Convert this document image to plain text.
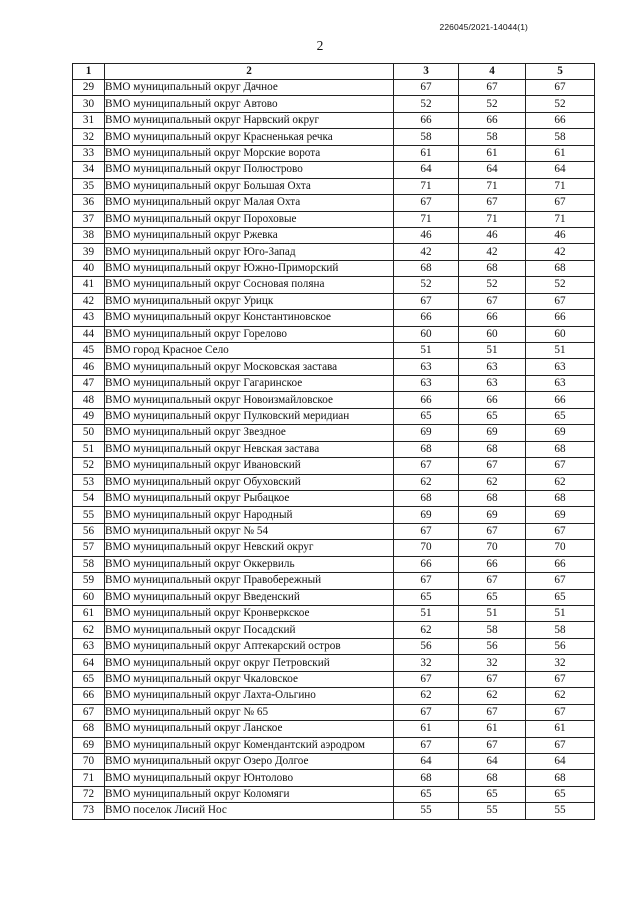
226045/2021-14044(1)
2
1	2	3	4	5
29	ВМО муниципальный округ Дачное	67	67	67
30	ВМО муниципальный округ Автово	52	52	52
31	ВМО муниципальный округ Нарвский округ	66	66	66
32	ВМО муниципальный округ Красненькая речка	58	58	58
33	ВМО муниципальный округ Морские ворота	61	61	61
34	ВМО муниципальный округ Полюстрово	64	64	64
35	ВМО муниципальный округ Большая Охта	71	71	71
36	ВМО муниципальный округ Малая Охта	67	67	67
37	ВМО муниципальный округ Пороховые	71	71	71
38	ВМО муниципальный округ Ржевка	46	46	46
39	ВМО муниципальный округ Юго-Запад	42	42	42
40	ВМО муниципальный округ Южно-Приморский	68	68	68
41	ВМО муниципальный округ Сосновая поляна	52	52	52
42	ВМО муниципальный округ Урицк	67	67	67
43	ВМО муниципальный округ Константиновское	66	66	66
44	ВМО муниципальный округ Горелово	60	60	60
45	ВМО город Красное Село	51	51	51
46	ВМО муниципальный округ Московская застава	63	63	63
47	ВМО муниципальный округ Гагаринское	63	63	63
48	ВМО муниципальный округ Новоизмайловское	66	66	66
49	ВМО муниципальный округ Пулковский меридиан	65	65	65
50	ВМО муниципальный округ Звездное	69	69	69
51	ВМО муниципальный округ Невская застава	68	68	68
52	ВМО муниципальный округ Ивановский	67	67	67
53	ВМО муниципальный округ Обуховский	62	62	62
54	ВМО муниципальный округ Рыбацкое	68	68	68
55	ВМО муниципальный округ Народный	69	69	69
56	ВМО муниципальный округ № 54	67	67	67
57	ВМО муниципальный округ Невский округ	70	70	70
58	ВМО муниципальный округ Оккервиль	66	66	66
59	ВМО муниципальный округ Правобережный	67	67	67
60	ВМО муниципальный округ Введенский	65	65	65
61	ВМО муниципальный округ Кронверкское	51	51	51
62	ВМО муниципальный округ Посадский	62	58	58
63	ВМО муниципальный округ Аптекарский остров	56	56	56
64	ВМО муниципальный округ округ Петровский	32	32	32
65	ВМО муниципальный округ Чкаловское	67	67	67
66	ВМО муниципальный округ Лахта-Ольгино	62	62	62
67	ВМО муниципальный округ № 65	67	67	67
68	ВМО муниципальный округ Ланское	61	61	61
69	ВМО муниципальный округ Комендантский аэродром	67	67	67
70	ВМО муниципальный округ Озеро Долгое	64	64	64
71	ВМО муниципальный округ Юнтолово	68	68	68
72	ВМО муниципальный округ Коломяги	65	65	65
73	ВМО поселок Лисий Нос	55	55	55
